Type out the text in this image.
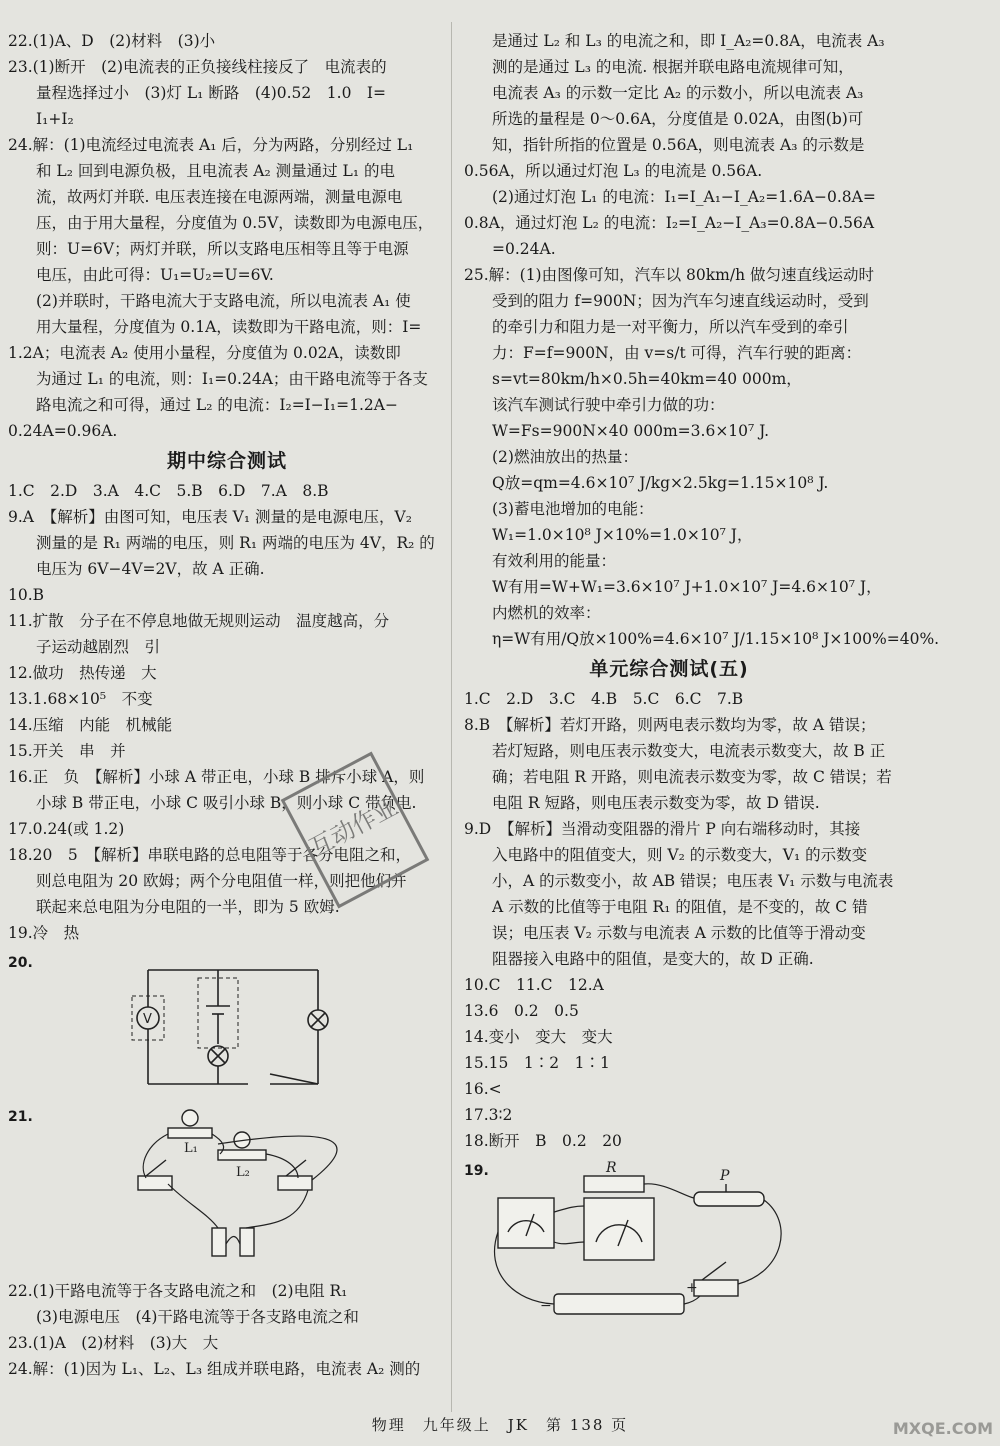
22.(1)A、D　(2)材料　(3)小
23.(1)断开　(2)电流表的正负接线柱接反了　电流表的
量程选择过小　(3)灯 L₁ 断路　(4)0.52　1.0　I=
I₁+I₂
24.解：(1)电流经过电流表 A₁ 后，分为两路，分别经过 L₁
和 L₂ 回到电源负极，且电流表 A₂ 测量通过 L₁ 的电
流，故两灯并联. 电压表连接在电源两端，测量电源电
压，由于用大量程，分度值为 0.5V，读数即为电源电压，
则：U=6V；两灯并联，所以支路电压相等且等于电源
电压，由此可得：U₁=U₂=U=6V.
(2)并联时，干路电流大于支路电流，所以电流表 A₁ 使
用大量程，分度值为 0.1A，读数即为干路电流，则：I=
1.2A；电流表 A₂ 使用小量程，分度值为 0.02A，读数即
为通过 L₁ 的电流，则：I₁=0.24A；由干路电流等于各支
路电流之和可得，通过 L₂ 的电流：I₂=I−I₁=1.2A−
0.24A=0.96A.
期中综合测试
1.C　2.D　3.A　4.C　5.B　6.D　7.A　8.B
9.A　【解析】由图可知，电压表 V₁ 测量的是电源电压，V₂
测量的是 R₁ 两端的电压，则 R₁ 两端的电压为 4V，R₂ 的
电压为 6V−4V=2V，故 A 正确.
10.B
11.扩散　分子在不停息地做无规则运动　温度越高，分
子运动越剧烈　引
12.做功　热传递　大
13.1.68×10⁵　不变
14.压缩　内能　机械能
15.开关　串　并
16.正　负　【解析】小球 A 带正电，小球 B 排斥小球 A，则
小球 B 带正电，小球 C 吸引小球 B，则小球 C 带负电.
17.0.24(或 1.2)
18.20　5　【解析】串联电路的总电阻等于各分电阻之和，
则总电阻为 20 欧姆；两个分电阻值一样，则把他们并
联起来总电阻为分电阻的一半，即为 5 欧姆.
19.冷　热
20.
V
21.
L₁
L₂
22.(1)干路电流等于各支路电流之和　(2)电阻 R₁
(3)电源电压　(4)干路电流等于各支路电流之和
23.(1)A　(2)材料　(3)大　大
24.解：(1)因为 L₁、L₂、L₃ 组成并联电路，电流表 A₂ 测的
是通过 L₂ 和 L₃ 的电流之和，即 I_A₂=0.8A，电流表 A₃
测的是通过 L₃ 的电流. 根据并联电路电流规律可知，
电流表 A₃ 的示数一定比 A₂ 的示数小，所以电流表 A₃
所选的量程是 0～0.6A，分度值是 0.02A，由图(b)可
知，指针所指的位置是 0.56A，则电流表 A₃ 的示数是
0.56A，所以通过灯泡 L₃ 的电流是 0.56A.
(2)通过灯泡 L₁ 的电流：I₁=I_A₁−I_A₂=1.6A−0.8A=
0.8A，通过灯泡 L₂ 的电流：I₂=I_A₂−I_A₃=0.8A−0.56A
=0.24A.
25.解：(1)由图像可知，汽车以 80km/h 做匀速直线运动时
受到的阻力 f=900N；因为汽车匀速直线运动时，受到
的牵引力和阻力是一对平衡力，所以汽车受到的牵引
力：F=f=900N，由 v=s/t 可得，汽车行驶的距离：
s=vt=80km/h×0.5h=40km=40 000m，
该汽车测试行驶中牵引力做的功：
W=Fs=900N×40 000m=3.6×10⁷ J.
(2)燃油放出的热量：
Q放=qm=4.6×10⁷ J/kg×2.5kg=1.15×10⁸ J.
(3)蓄电池增加的电能：
W₁=1.0×10⁸ J×10%=1.0×10⁷ J，
有效利用的能量：
W有用=W+W₁=3.6×10⁷ J+1.0×10⁷ J=4.6×10⁷ J，
内燃机的效率：
η=W有用/Q放×100%=4.6×10⁷ J/1.15×10⁸ J×100%=40%.
单元综合测试(五)
1.C　2.D　3.C　4.B　5.C　6.C　7.B
8.B　【解析】若灯开路，则两电表示数均为零，故 A 错误；
若灯短路，则电压表示数变大，电流表示数变大，故 B 正
确；若电阻 R 开路，则电流表示数变为零，故 C 错误；若
电阻 R 短路，则电压表示数变为零，故 D 错误.
9.D　【解析】当滑动变阻器的滑片 P 向右端移动时，其接
入电路中的阻值变大，则 V₂ 的示数变大，V₁ 的示数变
小，A 的示数变小，故 AB 错误；电压表 V₁ 示数与电流表
A 示数的比值等于电阻 R₁ 的阻值，是不变的，故 C 错
误；电压表 V₂ 示数与电流表 A 示数的比值等于滑动变
阻器接入电路中的阻值，是变大的，故 D 正确.
10.C　11.C　12.A
13.6　0.2　0.5
14.变小　变大　变大
15.15　1∶2　1∶1
16.<
17.3∶2
18.断开　B　0.2　20
19.	R	P
−
+
互动作业
MXQE.COM
物理　九年级上　JK　第 138 页
